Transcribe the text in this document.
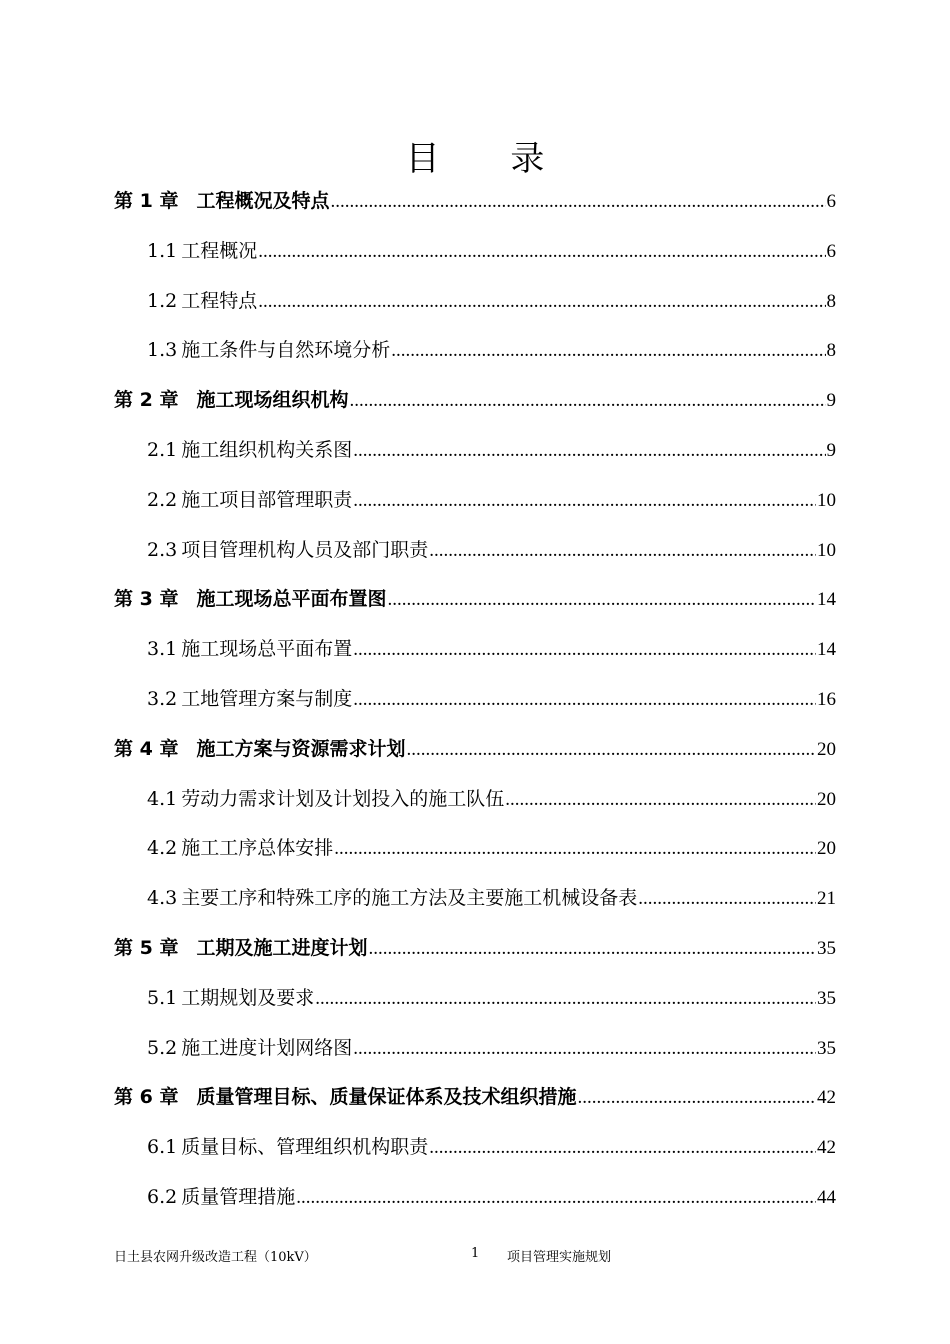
目 录
第 1 章 工程概况及特点 .....	6
1.1 工程概况 .....	6
1.2 工程特点 .....	8
1.3 施工条件与自然环境分析 .....	8
第 2 章 施工现场组织机构 .....	9
2.1 施工组织机构关系图 .....	9
2.2 施工项目部管理职责 .....	10
2.3 项目管理机构人员及部门职责 .....	10
第 3 章 施工现场总平面布置图 .....	14
3.1 施工现场总平面布置 .....	14
3.2 工地管理方案与制度 .....	16
第 4 章 施工方案与资源需求计划 .....	20
4.1 劳动力需求计划及计划投入的施工队伍 .....	20
4.2 施工工序总体安排 .....	20
4.3 主要工序和特殊工序的施工方法及主要施工机械设备表 .....	21
第 5 章 工期及施工进度计划 .....	35
5.1 工期规划及要求 .....	35
5.2 施工进度计划网络图 .....	35
第 6 章 质量管理目标、质量保证体系及技术组织措施 .....	42
6.1 质量目标、管理组织机构职责 .....	42
6.2 质量管理措施 .....	44
日土县农网升级改造工程（10kV）	1 项目管理实施规划
